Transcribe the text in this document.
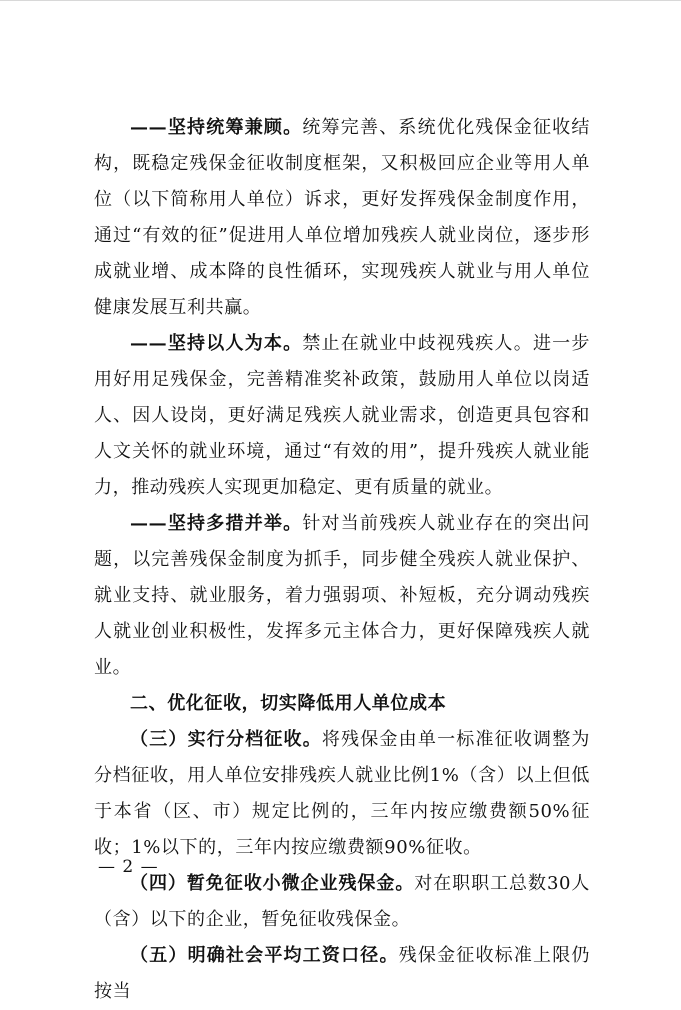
——坚持统筹兼顾。统筹完善、系统优化残保金征收结构，既稳定残保金征收制度框架，又积极回应企业等用人单位（以下简称用人单位）诉求，更好发挥残保金制度作用，通过“有效的征”促进用人单位增加残疾人就业岗位，逐步形成就业增、成本降的良性循环，实现残疾人就业与用人单位健康发展互利共赢。

——坚持以人为本。禁止在就业中歧视残疾人。进一步用好用足残保金，完善精准奖补政策，鼓励用人单位以岗适人、因人设岗，更好满足残疾人就业需求，创造更具包容和人文关怀的就业环境，通过“有效的用”，提升残疾人就业能力，推动残疾人实现更加稳定、更有质量的就业。

——坚持多措并举。针对当前残疾人就业存在的突出问题，以完善残保金制度为抓手，同步健全残疾人就业保护、就业支持、就业服务，着力强弱项、补短板，充分调动残疾人就业创业积极性，发挥多元主体合力，更好保障残疾人就业。

二、优化征收，切实降低用人单位成本

（三）实行分档征收。将残保金由单一标准征收调整为分档征收，用人单位安排残疾人就业比例1%（含）以上但低于本省（区、市）规定比例的，三年内按应缴费额50%征收；1%以下的，三年内按应缴费额90%征收。

（四）暂免征收小微企业残保金。对在职职工总数30人（含）以下的企业，暂免征收残保金。

（五）明确社会平均工资口径。残保金征收标准上限仍按当

— 2 —
